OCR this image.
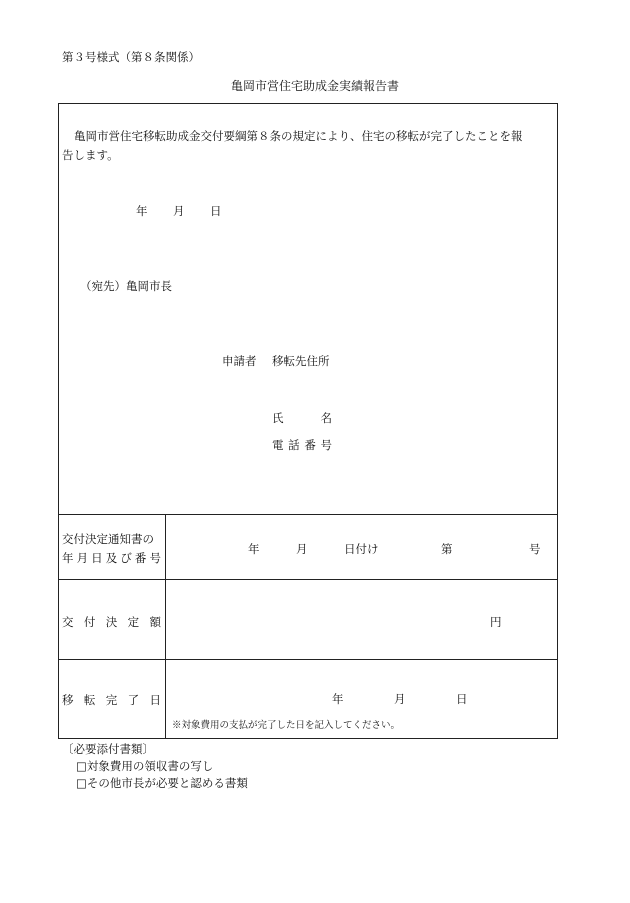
第３号様式（第８条関係）
亀岡市営住宅助成金実績報告書
亀岡市営住宅移転助成金交付要綱第８条の規定により、住宅の移転が完了したことを報
告します。
年 月 日
（宛先）亀岡市長
申請者 移転先住所
氏	名
電 話 番 号
交付決定通知書の
年 月 日 及 び 番 号
年	月	日付け	第	号
交 付 決 定 額	円
移 転 完 了 日	年	月	日
※対象費用の支払が完了した日を記入してください。
〔必要添付書類〕
□対象費用の領収書の写し
□その他市長が必要と認める書類
